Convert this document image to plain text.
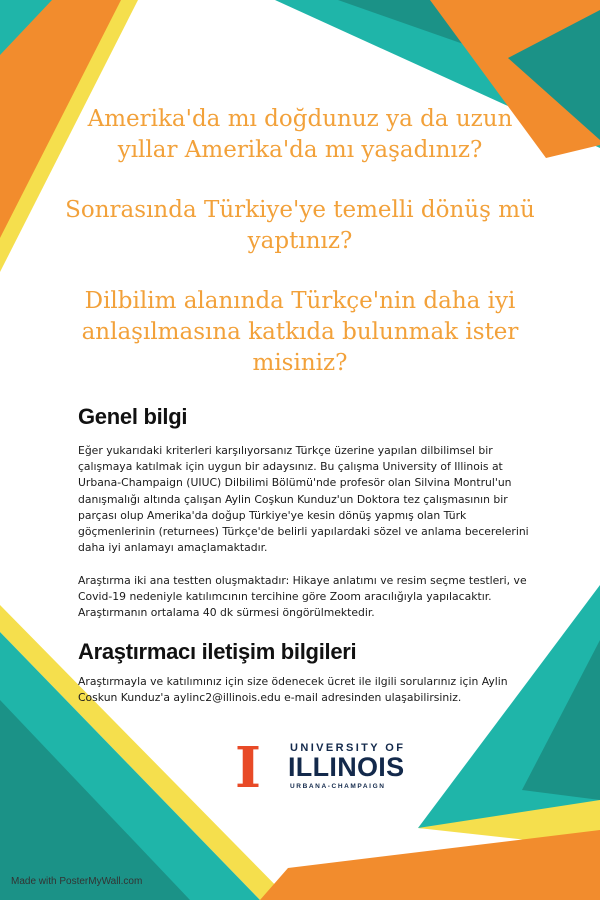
Amerika'da mı doğdunuz ya da uzun yıllar Amerika'da mı yaşadınız?

Sonrasında Türkiye'ye temelli dönüş mü yaptınız?

Dilbilim alanında Türkçe'nin daha iyi anlaşılmasına katkıda bulunmak ister misiniz?

Genel bilgi

Eğer yukarıdaki kriterleri karşılıyorsanız Türkçe üzerine yapılan dilbilimsel bir çalışmaya katılmak için uygun bir adaysınız. Bu çalışma University of Illinois at Urbana-Champaign (UIUC) Dilbilimi Bölümü'nde profesör olan Silvina Montrul'un danışmalığı altında çalışan Aylin Coşkun Kunduz'un Doktora tez çalışmasının bir parçası olup Amerika'da doğup Türkiye'ye kesin dönüş yapmış olan Türk göçmenlerinin (returnees) Türkçe'de belirli yapılardaki sözel ve anlama becerelerini daha iyi anlamayı amaçlamaktadır.

Araştırma iki ana testten oluşmaktadır: Hikaye anlatımı ve resim seçme testleri, ve Covid-19 nedeniyle katılımcının tercihine göre Zoom aracılığıyla yapılacaktır. Araştırmanın ortalama 40 dk sürmesi öngörülmektedir.

Araştırmacı iletişim bilgileri

Araştırmayla ve katılımınız için size ödenecek ücret ile ilgili sorularınız için Aylin Coskun Kunduz'a aylinc2@illinois.edu e-mail adresinden ulaşabilirsiniz.

I	UNIVERSITY OF
ILLINOIS
URBANA-CHAMPAIGN
Made with PosterMyWall.com
